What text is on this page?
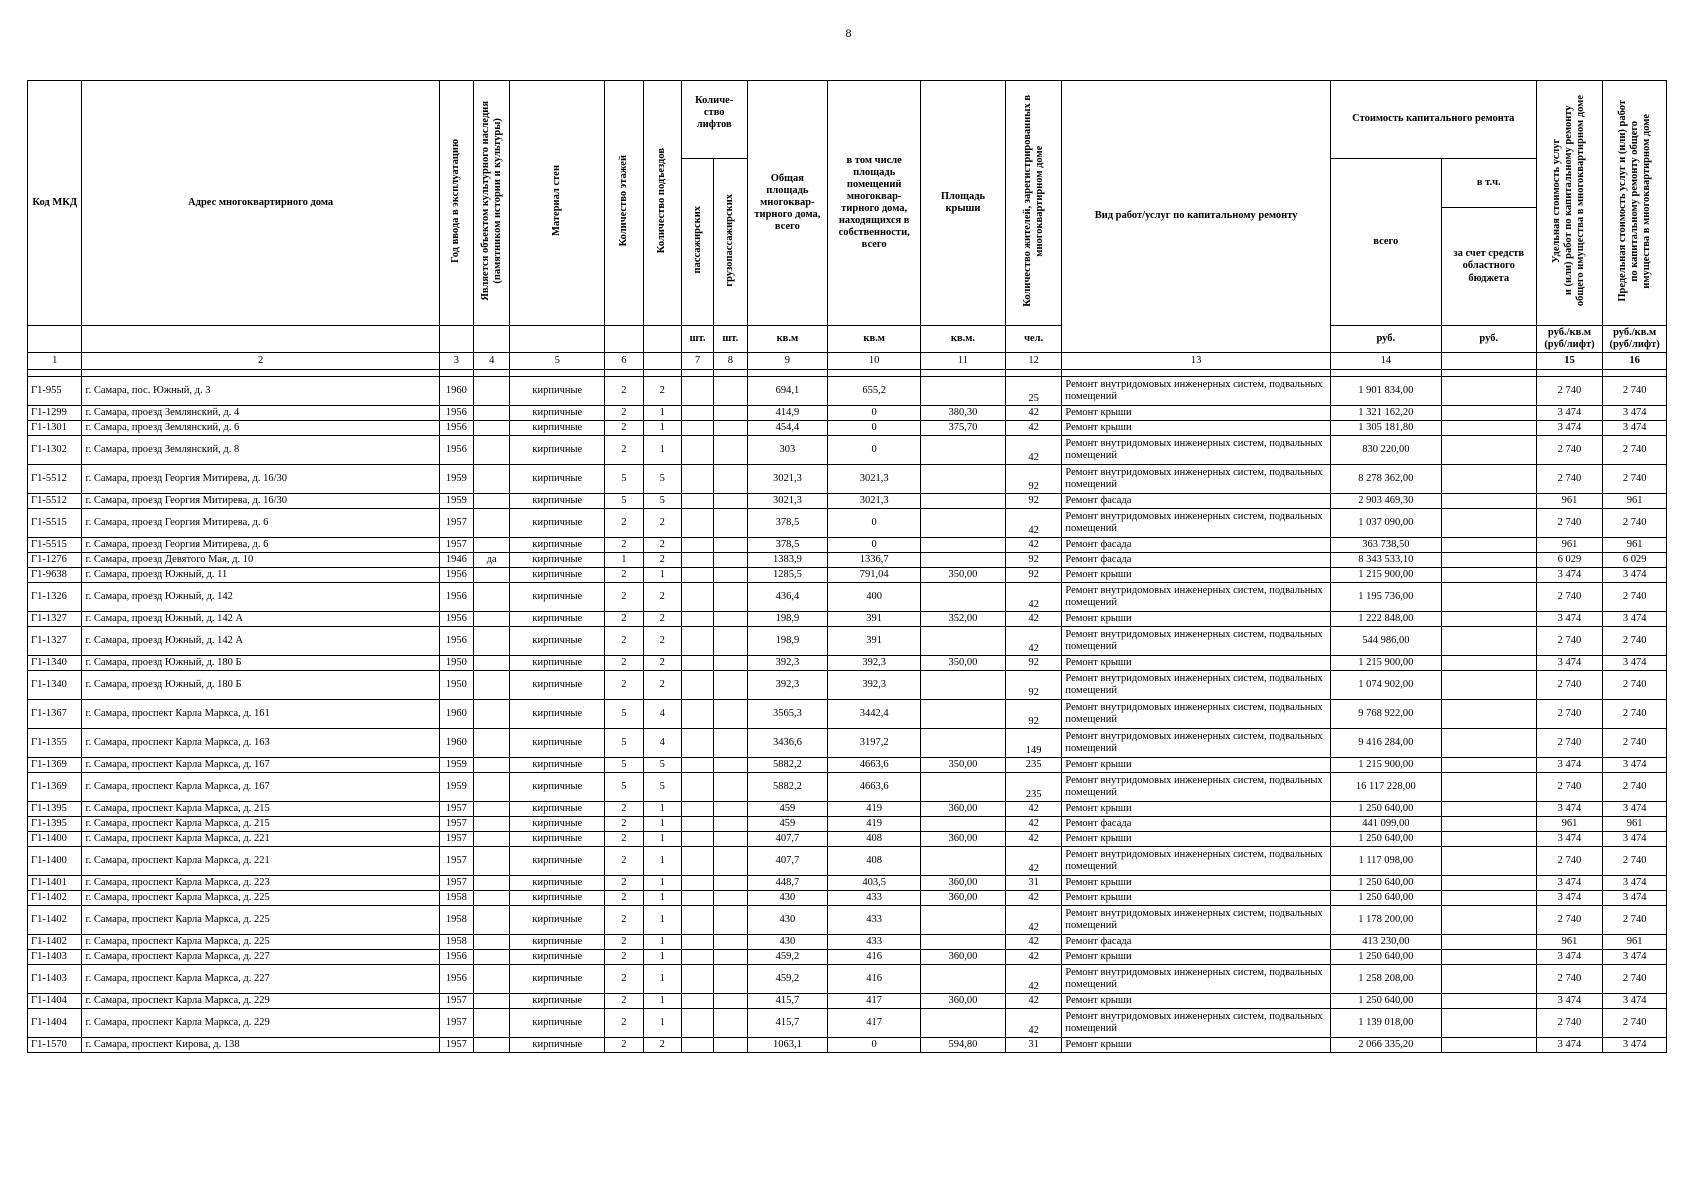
8
Код МКД	Адрес многоквартирного дома	Год ввода в эксплуатацию	Является объектом культурного наследия
(памятником истории и культуры)	Материал стен	Количество этажей	Количество подъездов	Количе-
ство
лифтов		Общая площадь многоквар-тирного дома, всего	в том числе площадь помещений многоквар-тирного дома, находящихся в собственности, всего	Площадь крыши	Количество жителей, зарегистрированных в
многоквартирном доме	Вид работ/услуг по капитальному ремонту	Стоимость капитального ремонта		Удельная стоимость услуг
и (или) работ по капитальному ремонту
общего имущества в многоквартирном доме	Предельная стоимость услуг и (или) работ
по капитальному ремонту общего
имущества в многоквартирном доме
							пассажирских	грузопассажирских						всего	в т.ч.		
															за счет средств областного бюджета		
							шт.	шт.	кв.м	кв.м	кв.м.	чел.		руб.	руб.	руб./кв.м (руб/лифт)	руб./кв.м (руб/лифт)
1	2	3	4	5	6		7	8	9	10	11	12	13	14		15	16

Г1-955	г. Самара, пос. Южный, д. 3	1960		кирпичные	2	2			694,1	655,2		25	Ремонт внутридомовых инженерных систем, подвальных помещений	1 901 834,00		2 740	2 740
Г1-1299	г. Самара, проезд Землянский, д. 4	1956		кирпичные	2	1			414,9	0	380,30	42	Ремонт крыши	1 321 162,20		3 474	3 474
Г1-1301	г. Самара, проезд Землянский, д. 6	1956		кирпичные	2	1			454,4	0	375,70	42	Ремонт крыши	1 305 181,80		3 474	3 474
Г1-1302	г. Самара, проезд Землянский, д. 8	1956		кирпичные	2	1			303	0		42	Ремонт внутридомовых инженерных систем, подвальных помещений	830 220,00		2 740	2 740
Г1-5512	г. Самара, проезд Георгия Митирева, д. 16/30	1959		кирпичные	5	5			3021,3	3021,3		92	Ремонт внутридомовых инженерных систем, подвальных помещений	8 278 362,00		2 740	2 740
Г1-5512	г. Самара, проезд Георгия Митирева, д. 16/30	1959		кирпичные	5	5			3021,3	3021,3		92	Ремонт фасада	2 903 469,30		961	961
Г1-5515	г. Самара, проезд Георгия Митирева, д. 6	1957		кирпичные	2	2			378,5	0		42	Ремонт внутридомовых инженерных систем, подвальных помещений	1 037 090,00		2 740	2 740
Г1-5515	г. Самара, проезд Георгия Митирева, д. 6	1957		кирпичные	2	2			378,5	0		42	Ремонт фасада	363 738,50		961	961
Г1-1276	г. Самара, проезд Девятого Мая, д. 10	1946	да	кирпичные	1	2			1383,9	1336,7		92	Ремонт фасада	8 343 533,10		6 029	6 029
Г1-9638	г. Самара, проезд Южный, д. 11	1956		кирпичные	2	1			1285,5	791,04	350,00	92	Ремонт крыши	1 215 900,00		3 474	3 474
Г1-1326	г. Самара, проезд Южный, д. 142	1956		кирпичные	2	2			436,4	400		42	Ремонт внутридомовых инженерных систем, подвальных помещений	1 195 736,00		2 740	2 740
Г1-1327	г. Самара, проезд Южный, д. 142 А	1956		кирпичные	2	2			198,9	391	352,00	42	Ремонт крыши	1 222 848,00		3 474	3 474
Г1-1327	г. Самара, проезд Южный, д. 142 А	1956		кирпичные	2	2			198,9	391		42	Ремонт внутридомовых инженерных систем, подвальных помещений	544 986,00		2 740	2 740
Г1-1340	г. Самара, проезд Южный, д. 180 Б	1950		кирпичные	2	2			392,3	392,3	350,00	92	Ремонт крыши	1 215 900,00		3 474	3 474
Г1-1340	г. Самара, проезд Южный, д. 180 Б	1950		кирпичные	2	2			392,3	392,3		92	Ремонт внутридомовых инженерных систем, подвальных помещений	1 074 902,00		2 740	2 740
Г1-1367	г. Самара, проспект Карла Маркса, д. 161	1960		кирпичные	5	4			3565,3	3442,4		92	Ремонт внутридомовых инженерных систем, подвальных помещений	9 768 922,00		2 740	2 740
Г1-1355	г. Самара, проспект Карла Маркса, д. 163	1960		кирпичные	5	4			3436,6	3197,2		149	Ремонт внутридомовых инженерных систем, подвальных помещений	9 416 284,00		2 740	2 740
Г1-1369	г. Самара, проспект Карла Маркса, д. 167	1959		кирпичные	5	5			5882,2	4663,6	350,00	235	Ремонт крыши	1 215 900,00		3 474	3 474
Г1-1369	г. Самара, проспект Карла Маркса, д. 167	1959		кирпичные	5	5			5882,2	4663,6		235	Ремонт внутридомовых инженерных систем, подвальных помещений	16 117 228,00		2 740	2 740
Г1-1395	г. Самара, проспект Карла Маркса, д. 215	1957		кирпичные	2	1			459	419	360,00	42	Ремонт крыши	1 250 640,00		3 474	3 474
Г1-1395	г. Самара, проспект Карла Маркса, д. 215	1957		кирпичные	2	1			459	419		42	Ремонт фасада	441 099,00		961	961
Г1-1400	г. Самара, проспект Карла Маркса, д. 221	1957		кирпичные	2	1			407,7	408	360,00	42	Ремонт крыши	1 250 640,00		3 474	3 474
Г1-1400	г. Самара, проспект Карла Маркса, д. 221	1957		кирпичные	2	1			407,7	408		42	Ремонт внутридомовых инженерных систем, подвальных помещений	1 117 098,00		2 740	2 740
Г1-1401	г. Самара, проспект Карла Маркса, д. 223	1957		кирпичные	2	1			448,7	403,5	360,00	31	Ремонт крыши	1 250 640,00		3 474	3 474
Г1-1402	г. Самара, проспект Карла Маркса, д. 225	1958		кирпичные	2	1			430	433	360,00	42	Ремонт крыши	1 250 640,00		3 474	3 474
Г1-1402	г. Самара, проспект Карла Маркса, д. 225	1958		кирпичные	2	1			430	433		42	Ремонт внутридомовых инженерных систем, подвальных помещений	1 178 200,00		2 740	2 740
Г1-1402	г. Самара, проспект Карла Маркса, д. 225	1958		кирпичные	2	1			430	433		42	Ремонт фасада	413 230,00		961	961
Г1-1403	г. Самара, проспект Карла Маркса, д. 227	1956		кирпичные	2	1			459,2	416	360,00	42	Ремонт крыши	1 250 640,00		3 474	3 474
Г1-1403	г. Самара, проспект Карла Маркса, д. 227	1956		кирпичные	2	1			459,2	416		42	Ремонт внутридомовых инженерных систем, подвальных помещений	1 258 208,00		2 740	2 740
Г1-1404	г. Самара, проспект Карла Маркса, д. 229	1957		кирпичные	2	1			415,7	417	360,00	42	Ремонт крыши	1 250 640,00		3 474	3 474
Г1-1404	г. Самара, проспект Карла Маркса, д. 229	1957		кирпичные	2	1			415,7	417		42	Ремонт внутридомовых инженерных систем, подвальных помещений	1 139 018,00		2 740	2 740
Г1-1570	г. Самара, проспект Кирова, д. 138	1957		кирпичные	2	2			1063,1	0	594,80	31	Ремонт крыши	2 066 335,20		3 474	3 474
